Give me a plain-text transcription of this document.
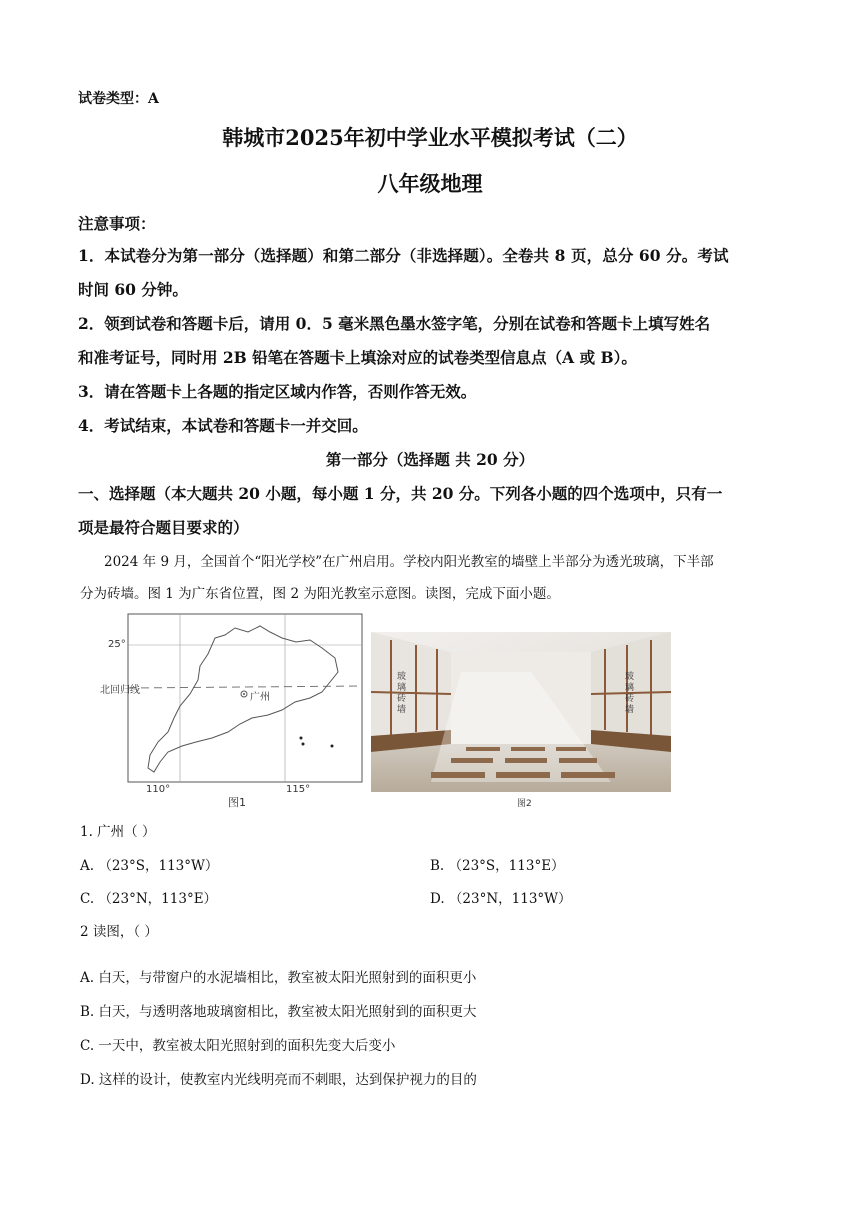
试卷类型：A
韩城市2025年初中学业水平模拟考试（二）
八年级地理
注意事项：
1．本试卷分为第一部分（选择题）和第二部分（非选择题）。全卷共 8 页，总分 60 分。考试
时间 60 分钟。
2．领到试卷和答题卡后，请用 0．5 毫米黑色墨水签字笔，分别在试卷和答题卡上填写姓名
和准考证号，同时用 2B 铅笔在答题卡上填涂对应的试卷类型信息点（A 或 B）。
3．请在答题卡上各题的指定区域内作答，否则作答无效。
4．考试结束，本试卷和答题卡一并交回。
第一部分（选择题 共 20 分）
一、选择题（本大题共 20 小题，每小题 1 分，共 20 分。下列各小题的四个选项中，只有一
项是最符合题目要求的）
2024 年 9 月，全国首个“阳光学校”在广州启用。学校内阳光教室的墙壁上半部分为透光玻璃，下半部
分为砖墙。图 1 为广东省位置，图 2 为阳光教室示意图。读图，完成下面小题。
25°
北回归线
广州
110°	115°
图1
玻璃砖墙
玻璃砖墙
图2
1. 广州（ ）
A. （23°S，113°W）	B. （23°S，113°E）
C. （23°N，113°E）	D. （23°N，113°W）
2 读图，（ ）
A. 白天，与带窗户的水泥墙相比，教室被太阳光照射到的面积更小
B. 白天，与透明落地玻璃窗相比，教室被太阳光照射到的面积更大
C. 一天中，教室被太阳光照射到的面积先变大后变小
D. 这样的设计，使教室内光线明亮而不刺眼，达到保护视力的目的
